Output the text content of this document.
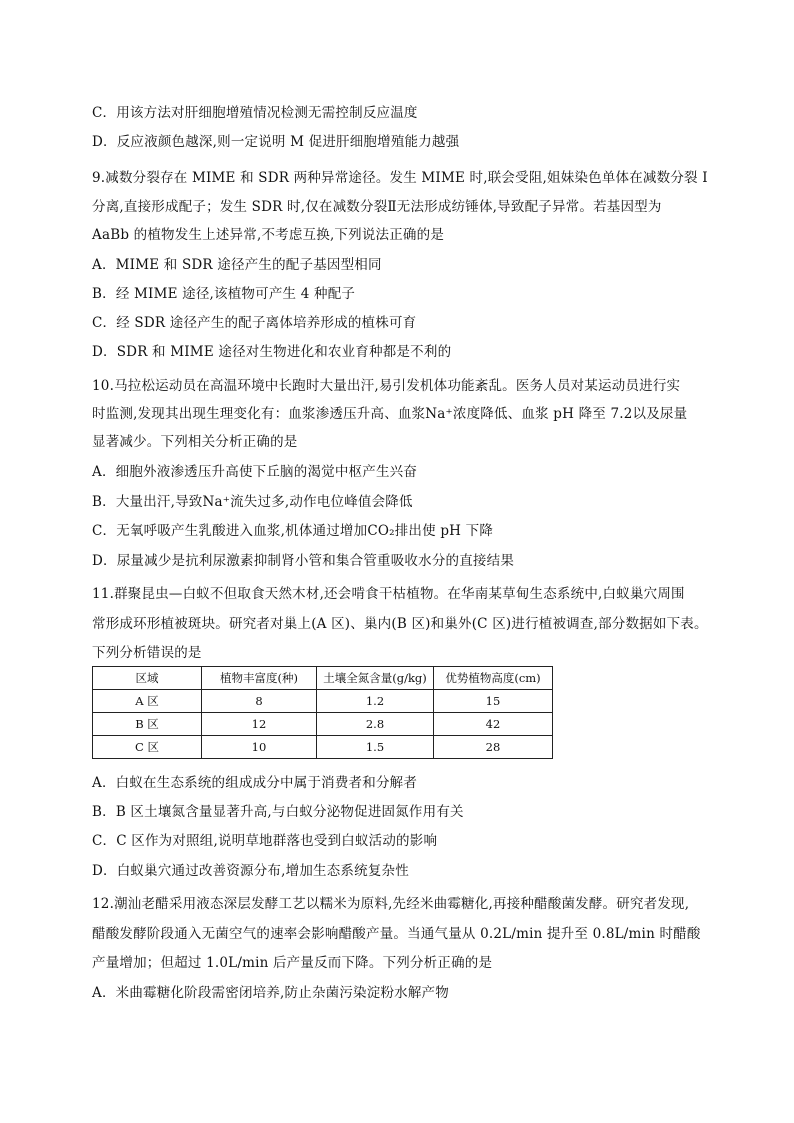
C．用该方法对肝细胞增殖情况检测无需控制反应温度
D．反应液颜色越深,则一定说明 M 促进肝细胞增殖能力越强
9.减数分裂存在 MIME 和 SDR 两种异常途径。发生 MIME 时,联会受阻,姐妹染色单体在减数分裂 I
分离,直接形成配子；发生 SDR 时,仅在减数分裂Ⅱ无法形成纺锤体,导致配子异常。若基因型为
AaBb 的植物发生上述异常,不考虑互换,下列说法正确的是
A．MIME 和 SDR 途径产生的配子基因型相同
B．经 MIME 途径,该植物可产生 4 种配子
C．经 SDR 途径产生的配子离体培养形成的植株可育
D．SDR 和 MIME 途径对生物进化和农业育种都是不利的
10.马拉松运动员在高温环境中长跑时大量出汗,易引发机体功能紊乱。医务人员对某运动员进行实
时监测,发现其出现生理变化有：血浆渗透压升高、血浆Na⁺浓度降低、血浆 pH 降至 7.2以及尿量
显著减少。下列相关分析正确的是
A．细胞外液渗透压升高使下丘脑的渴觉中枢产生兴奋
B．大量出汗,导致Na⁺流失过多,动作电位峰值会降低
C．无氧呼吸产生乳酸进入血浆,机体通过增加CO₂排出使 pH 下降
D．尿量减少是抗利尿激素抑制肾小管和集合管重吸收水分的直接结果
11.群聚昆虫—白蚁不但取食天然木材,还会啃食干枯植物。在华南某草甸生态系统中,白蚁巢穴周围
常形成环形植被斑块。研究者对巢上(A 区)、巢内(B 区)和巢外(C 区)进行植被调查,部分数据如下表。
下列分析错误的是
区域	植物丰富度(种)	土壤全氮含量(g/kg)	优势植物高度(cm)
A 区	8	1.2	15
B 区	12	2.8	42
C 区	10	1.5	28
A．白蚁在生态系统的组成成分中属于消费者和分解者
B．B 区土壤氮含量显著升高,与白蚁分泌物促进固氮作用有关
C．C 区作为对照组,说明草地群落也受到白蚁活动的影响
D．白蚁巢穴通过改善资源分布,增加生态系统复杂性
12.潮汕老醋采用液态深层发酵工艺以糯米为原料,先经米曲霉糖化,再接种醋酸菌发酵。研究者发现,
醋酸发酵阶段通入无菌空气的速率会影响醋酸产量。当通气量从 0.2L/min 提升至 0.8L/min 时醋酸
产量增加；但超过 1.0L/min 后产量反而下降。下列分析正确的是
A．米曲霉糖化阶段需密闭培养,防止杂菌污染淀粉水解产物
